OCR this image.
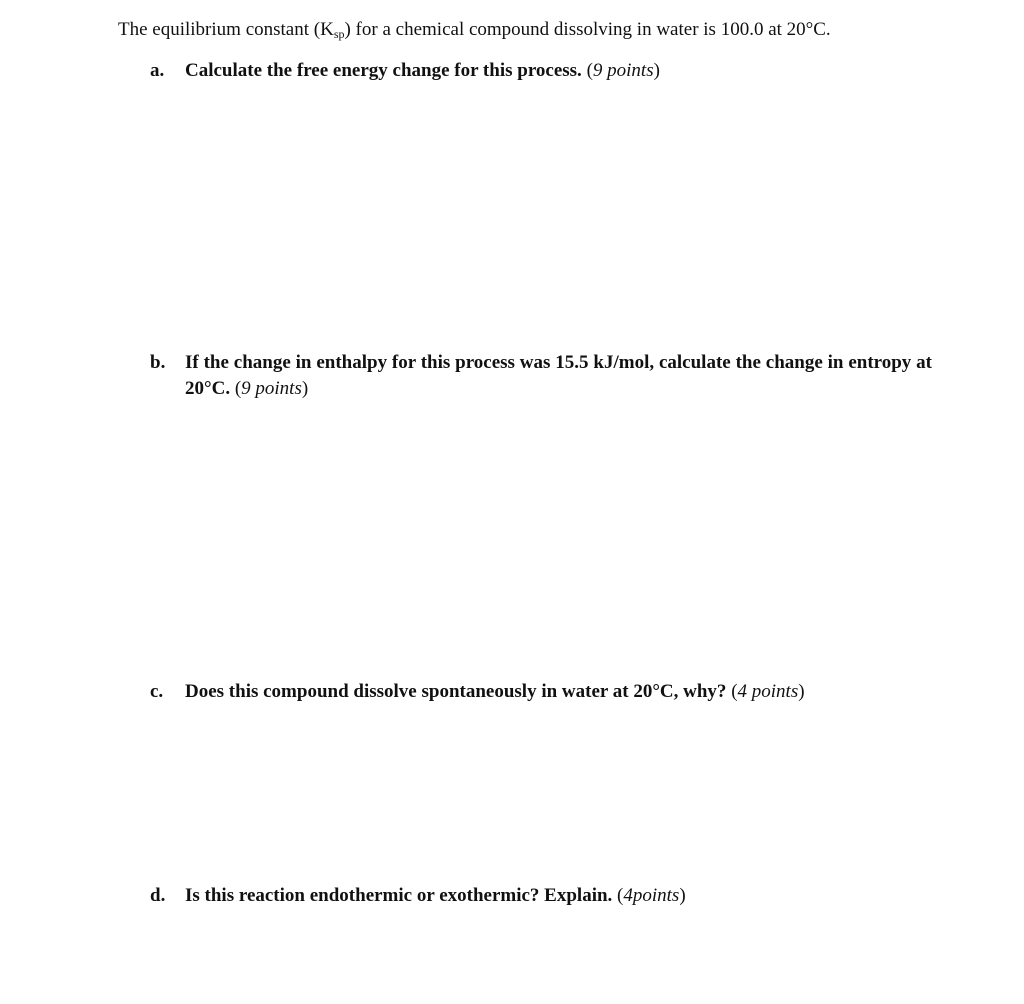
The equilibrium constant $(K_{sp})$ for a chemical compound dissolving in water is 100.0 at 20°C.
a. Calculate the free energy change for this process. (9 points)
b. If the change in enthalpy for this process was 15.5 kJ/mol, calculate the change in entropy at 20°C. (9 points)
c. Does this compound dissolve spontaneously in water at 20°C, why? (4 points)
d. Is this reaction endothermic or exothermic? Explain. (4points)
